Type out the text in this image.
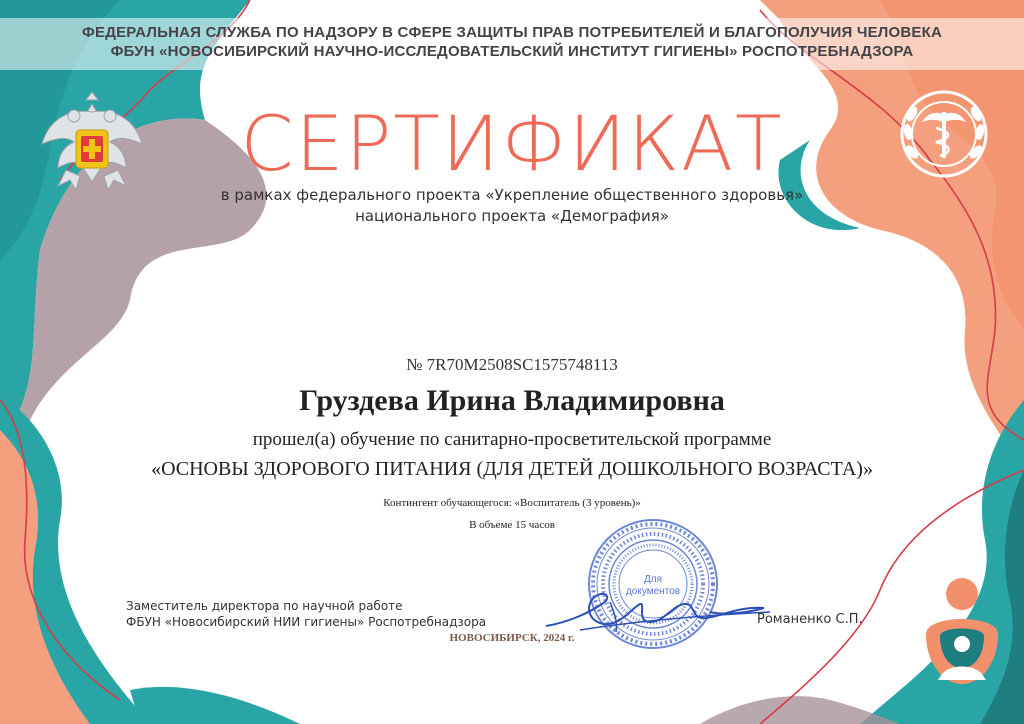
ФЕДЕРАЛЬНАЯ СЛУЖБА ПО НАДЗОРУ В СФЕРЕ ЗАЩИТЫ ПРАВ ПОТРЕБИТЕЛЕЙ И БЛАГОПОЛУЧИЯ ЧЕЛОВЕКА
ФБУН «НОВОСИБИРСКИЙ НАУЧНО-ИССЛЕДОВАТЕЛЬСКИЙ ИНСТИТУТ ГИГИЕНЫ» РОСПОТРЕБНАДЗОРА
СЕРТИФИКАТ
в рамках федерального проекта «Укрепление общественного здоровья»
национального проекта «Демография»
№ 7R70M2508SC1575748113
Груздева Ирина Владимировна
прошел(а) обучение по санитарно-просветительской программе
«ОСНОВЫ ЗДОРОВОГО ПИТАНИЯ (ДЛЯ ДЕТЕЙ ДОШКОЛЬНОГО ВОЗРАСТА)»
Контингент обучающегося: «Воспитатель (3 уровень)»
В объеме 15 часов
Для
документов
Заместитель директора по научной работе
ФБУН «Новосибирский НИИ гигиены» Роспотребнадзора	Романенко С.П.
НОВОСИБИРСК, 2024 г.
